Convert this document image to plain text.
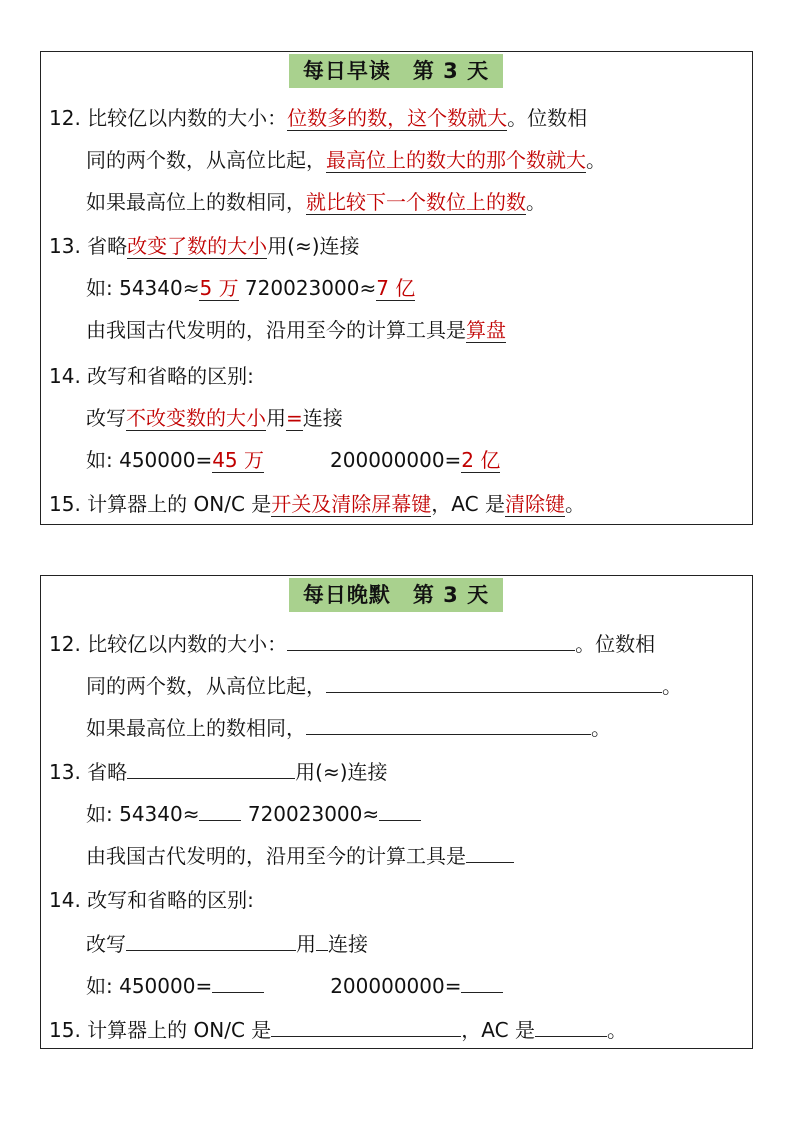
每日早读　第 3 天
12. 比较亿以内数的大小：位数多的数，这个数就大。位数相
同的两个数，从高位比起，最高位上的数大的那个数就大。
如果最高位上的数相同，就比较下一个数位上的数。
13. 省略改变了数的大小用(≈)连接
如: 54340≈5 万 720023000≈7 亿
由我国古代发明的，沿用至今的计算工具是算盘
14. 改写和省略的区别:
改写不改变数的大小用=连接
如: 450000=45 万	200000000=2 亿
15. 计算器上的 ON/C 是开关及清除屏幕键，AC 是清除键。
每日晚默　第 3 天
12. 比较亿以内数的大小：	。位数相
同的两个数，从高位比起，	。
如果最高位上的数相同，	。
13. 省略	用(≈)连接
如: 54340≈ 720023000≈
由我国古代发明的，沿用至今的计算工具是
14. 改写和省略的区别:
改写	用 连接
如: 450000=	200000000=
15. 计算器上的 ON/C 是	，AC 是	。
